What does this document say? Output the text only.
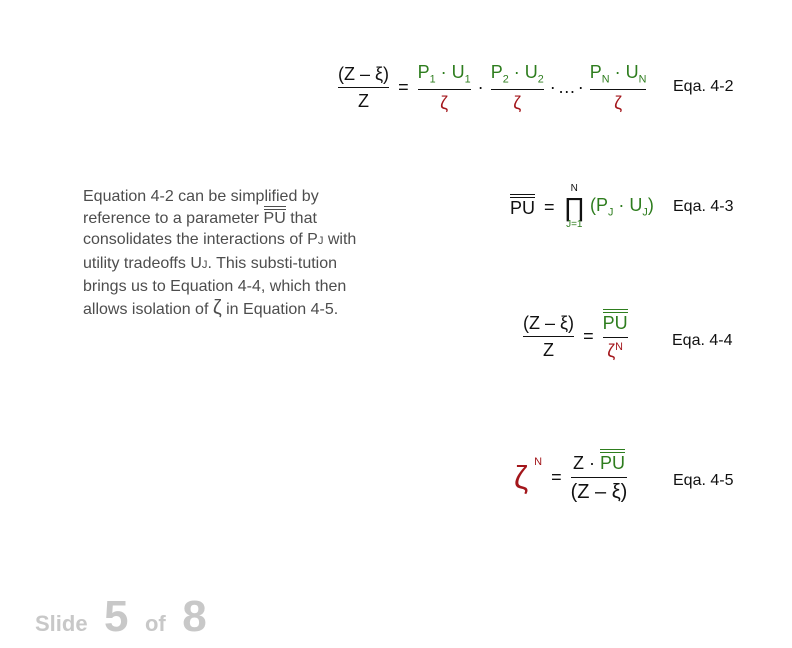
$\frac{(Z - \xi)}{Z} = \frac{P_1 \cdot U_1}{\zeta} \cdot \frac{P_2 \cdot U_2}{\zeta}$ · … · $\frac{P_N \cdot U_N}{\zeta}$ Eqa. 4-2
PU =
N
∏
J=1
$(P_J \cdot U_J)$ Eqa. 4-3
$\frac{(Z - \xi)}{Z} = \frac{PU}{\zeta^N}$	Eqa. 4-4
ζ $^N = \frac{Z \cdot PU}{(Z - \xi)}$	Eqa. 4-5
Equation 4-2 can be simplified by reference to a parameter PU that consolidates the interactions of PJ with utility tradeoffs UJ. This substi-tution brings us to Equation 4-4, which then allows isolation of ζ in Equation 4-5.
Slide 5 of 8
